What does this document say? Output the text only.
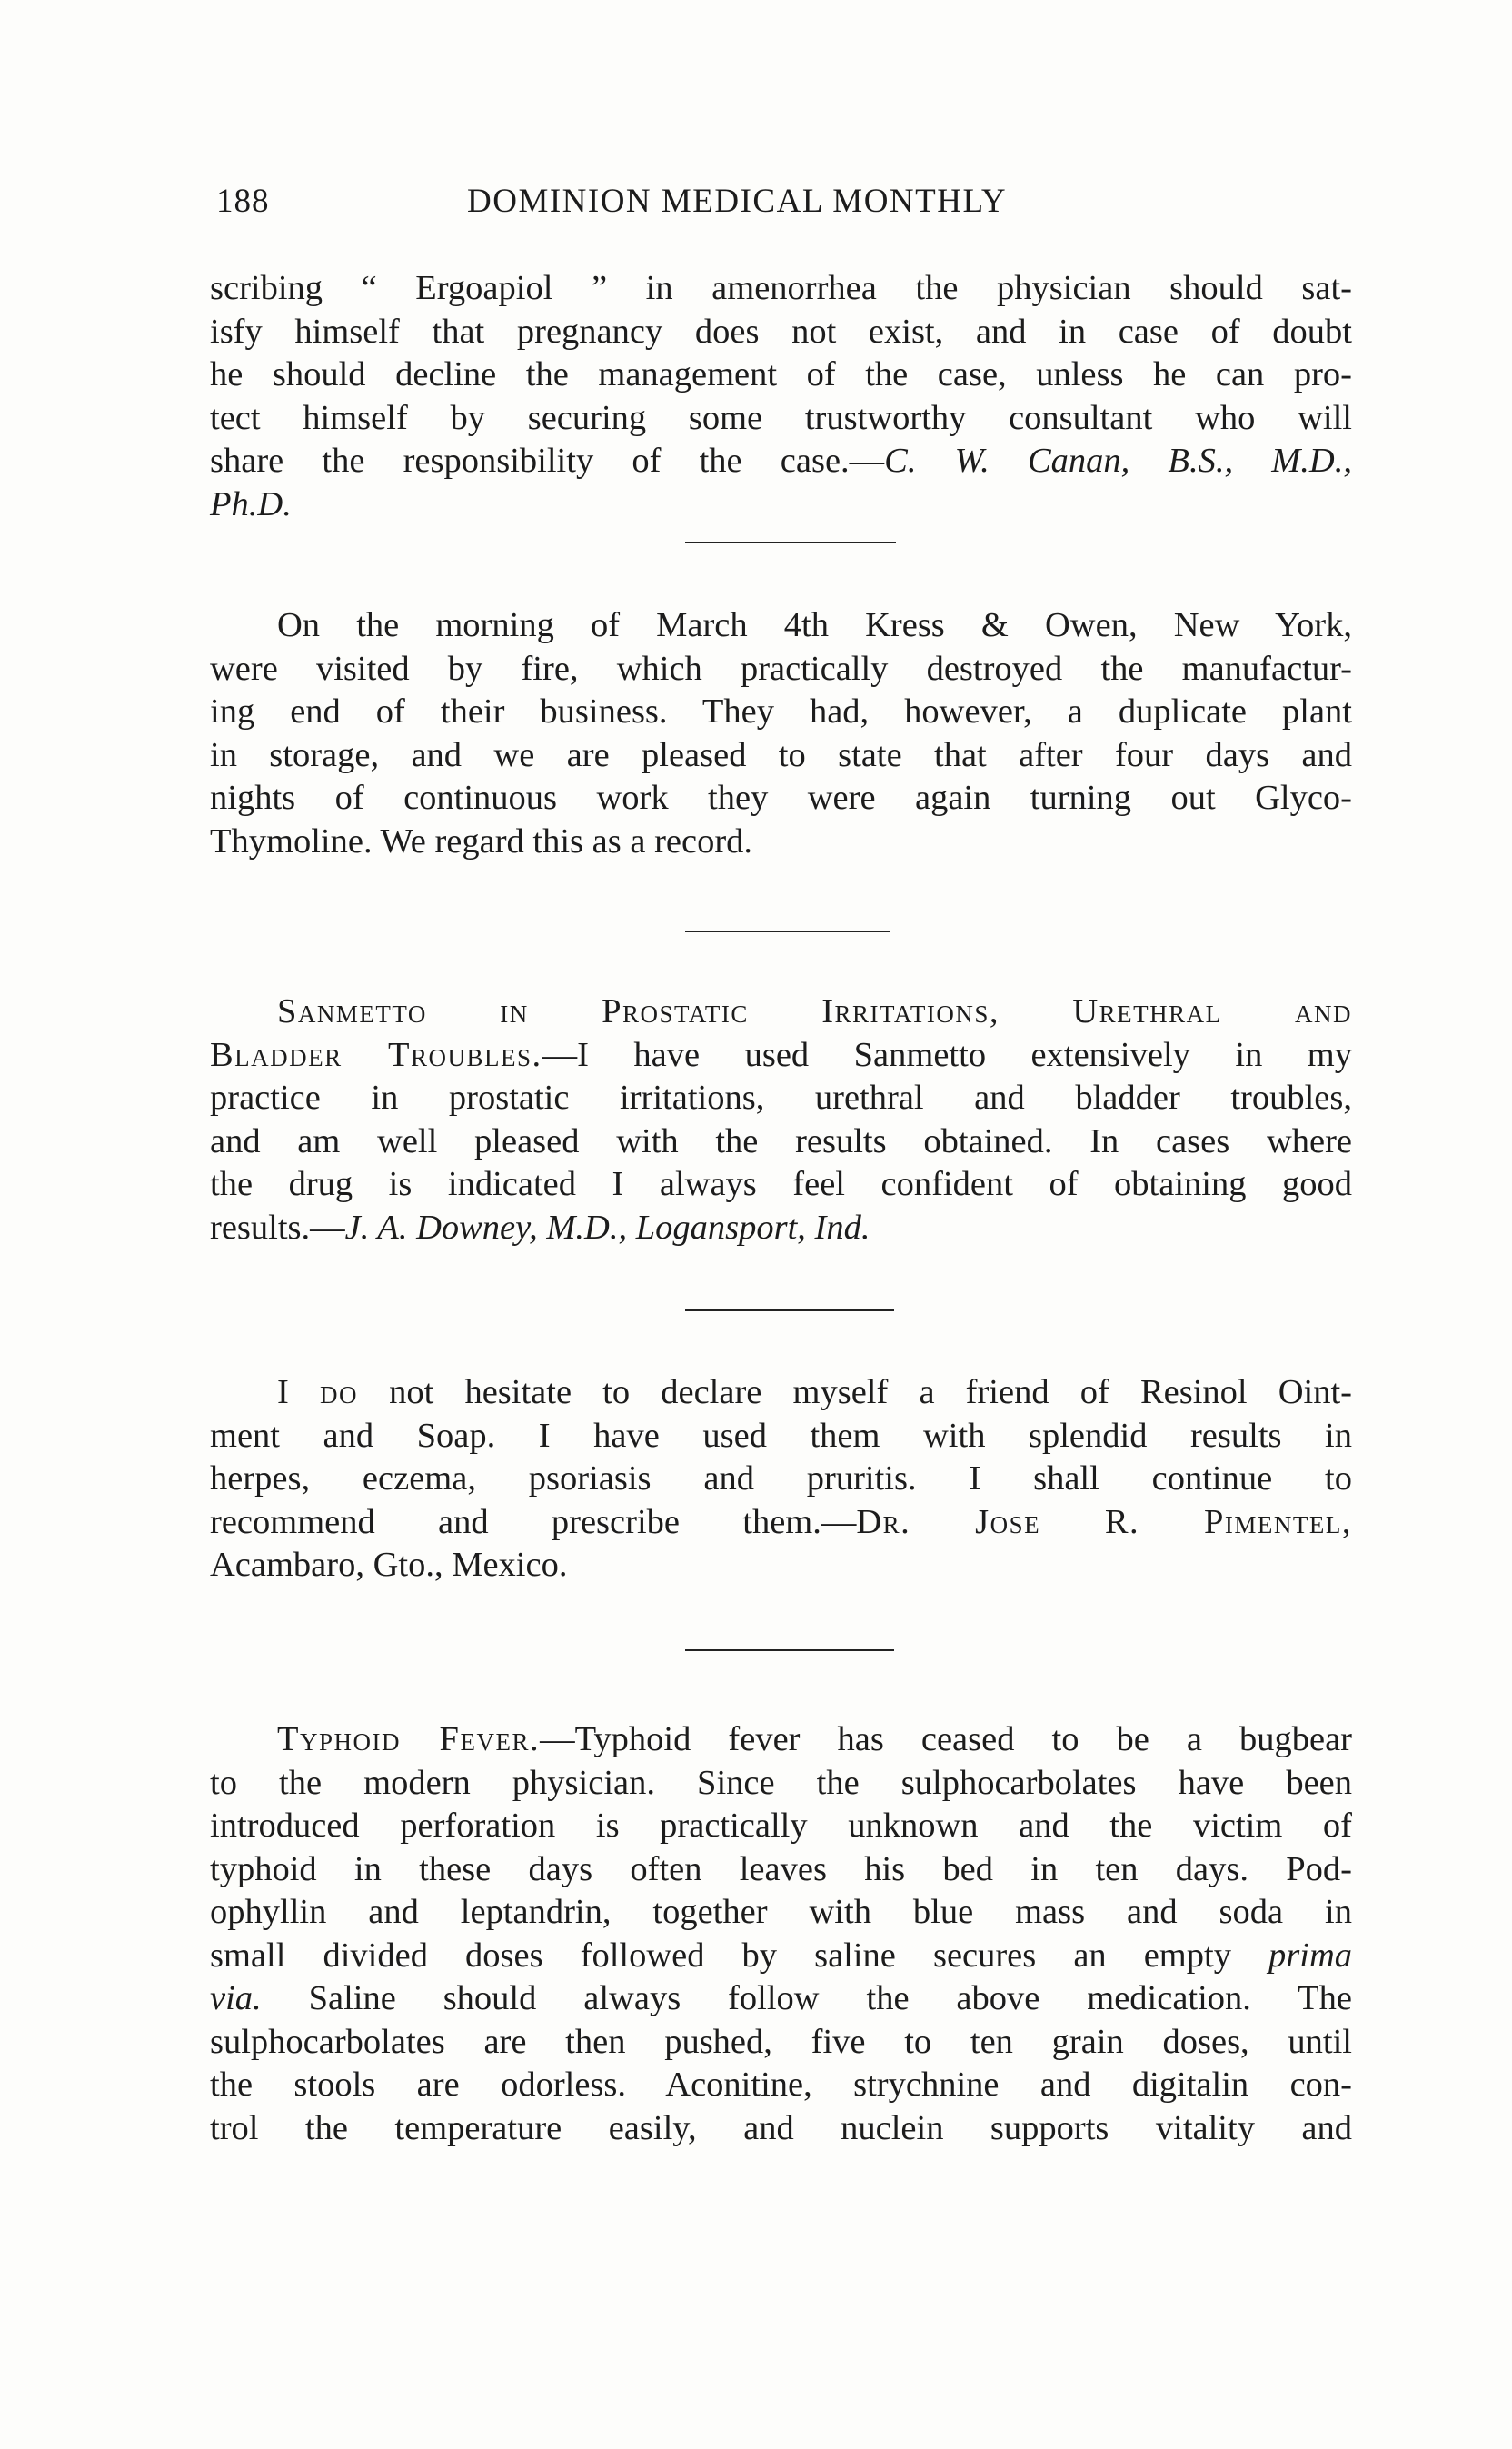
188	DOMINION MEDICAL MONTHLY
scribing “ Ergoapiol ” in amenorrhea the physician should sat-
isfy himself that pregnancy does not exist, and in case of doubt
he should decline the management of the case, unless he can pro-
tect himself by securing some trustworthy consultant who will
share the responsibility of the case.—C. W. Canan, B.S., M.D.,
Ph.D.
On the morning of March 4th Kress & Owen, New York,
were visited by fire, which practically destroyed the manufactur-
ing end of their business. They had, however, a duplicate plant
in storage, and we are pleased to state that after four days and
nights of continuous work they were again turning out Glyco-
Thymoline. We regard this as a record.
Sanmetto in Prostatic Irritations, Urethral and
Bladder Troubles.—I have used Sanmetto extensively in my
practice in prostatic irritations, urethral and bladder troubles,
and am well pleased with the results obtained. In cases where
the drug is indicated I always feel confident of obtaining good
results.—J. A. Downey, M.D., Logansport, Ind.
I do not hesitate to declare myself a friend of Resinol Oint-
ment and Soap. I have used them with splendid results in
herpes, eczema, psoriasis and pruritis. I shall continue to
recommend and prescribe them.—Dr. Jose R. Pimentel,
Acambaro, Gto., Mexico.
Typhoid Fever.—Typhoid fever has ceased to be a bugbear
to the modern physician. Since the sulphocarbolates have been
introduced perforation is practically unknown and the victim of
typhoid in these days often leaves his bed in ten days. Pod-
ophyllin and leptandrin, together with blue mass and soda in
small divided doses followed by saline secures an empty prima
via. Saline should always follow the above medication. The
sulphocarbolates are then pushed, five to ten grain doses, until
the stools are odorless. Aconitine, strychnine and digitalin con-
trol the temperature easily, and nuclein supports vitality and
